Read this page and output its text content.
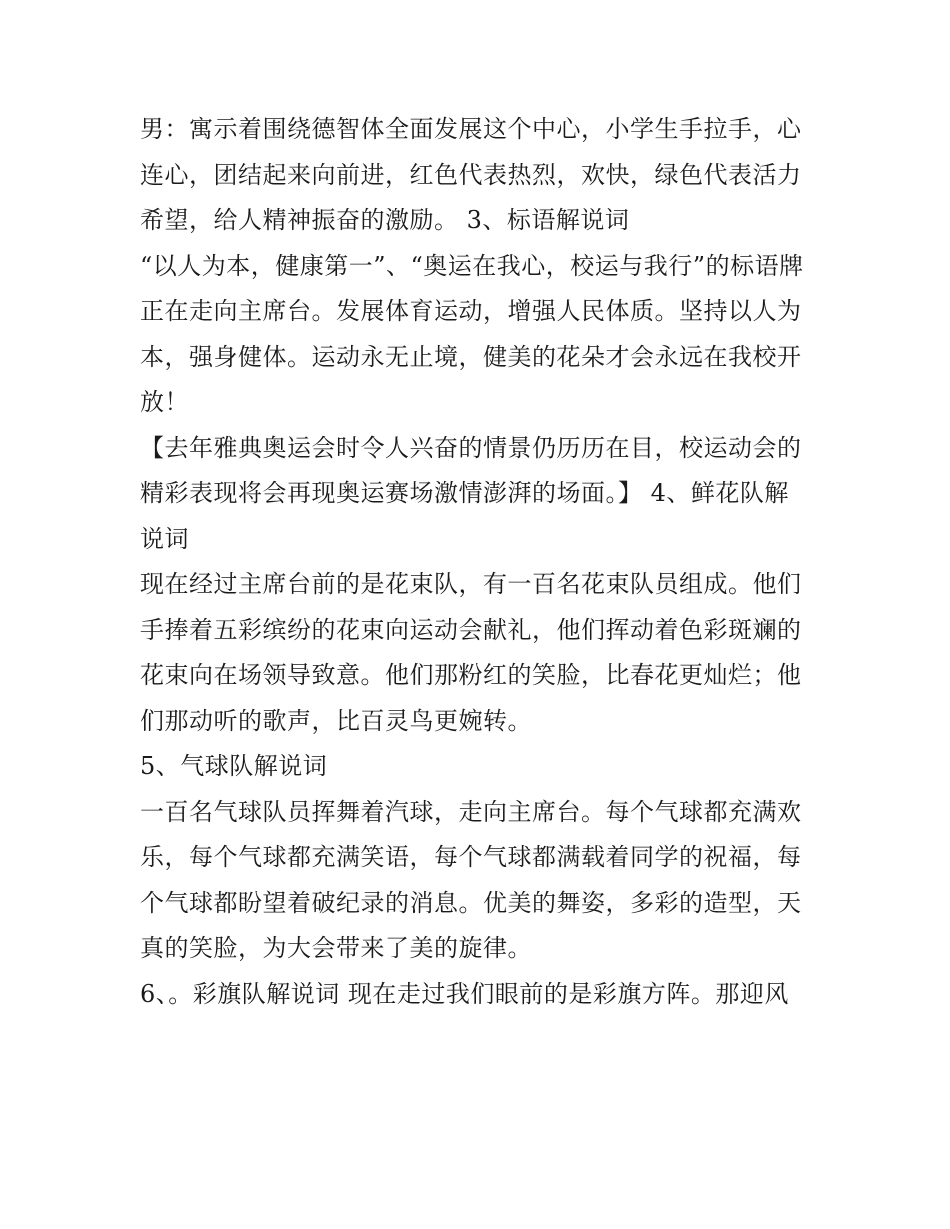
男：寓示着围绕德智体全面发展这个中心，小学生手拉手，心
连心，团结起来向前进，红色代表热烈，欢快，绿色代表活力
希望，给人精神振奋的激励。 3、标语解说词
“以人为本，健康第一”、“奥运在我心，校运与我行”的标语牌
正在走向主席台。发展体育运动，增强人民体质。坚持以人为
本，强身健体。运动永无止境，健美的花朵才会永远在我校开
放！
【去年雅典奥运会时令人兴奋的情景仍历历在目，校运动会的
精彩表现将会再现奥运赛场激情澎湃的场面。】 4、鲜花队解
说词
现在经过主席台前的是花束队，有一百名花束队员组成。他们
手捧着五彩缤纷的花束向运动会献礼，他们挥动着色彩斑斓的
花束向在场领导致意。他们那粉红的笑脸，比春花更灿烂；他
们那动听的歌声，比百灵鸟更婉转。
5、气球队解说词
一百名气球队员挥舞着汽球，走向主席台。每个气球都充满欢
乐，每个气球都充满笑语，每个气球都满载着同学的祝福，每
个气球都盼望着破纪录的消息。优美的舞姿，多彩的造型，天
真的笑脸，为大会带来了美的旋律。
6、。彩旗队解说词 现在走过我们眼前的是彩旗方阵。那迎风
